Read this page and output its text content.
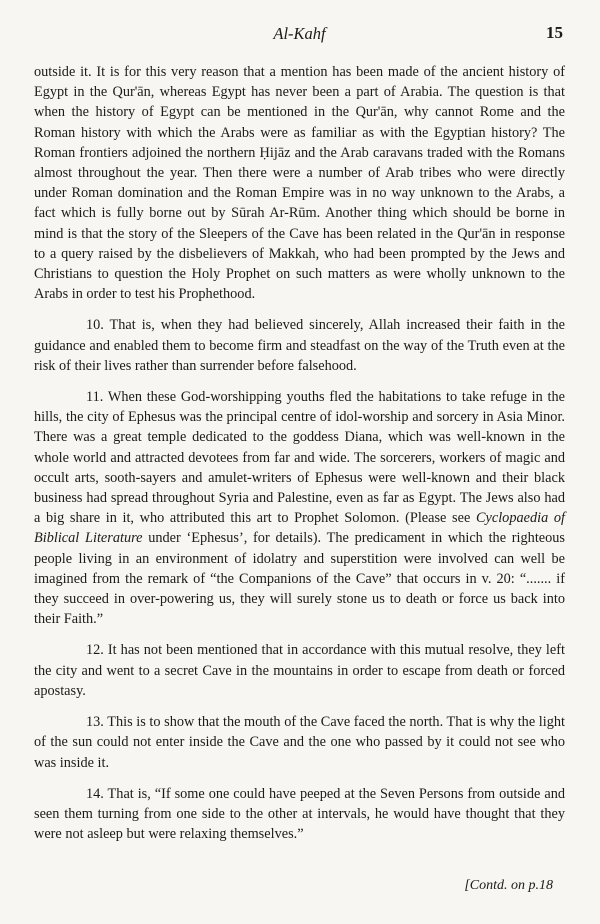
Al-Kahf	15

outside it. It is for this very reason that a mention has been made of the ancient history of Egypt in the Qur'ān, whereas Egypt has never been a part of Arabia. The question is that when the history of Egypt can be mentioned in the Qur'ān, why cannot Rome and the Roman history with which the Arabs were as familiar as with the Egyptian history? The Roman frontiers adjoined the northern Ḥijāz and the Arab caravans traded with the Romans almost throughout the year. Then there were a number of Arab tribes who were directly under Roman domination and the Roman Empire was in no way unknown to the Arabs, a fact which is fully borne out by Sūrah Ar-Rūm. Another thing which should be borne in mind is that the story of the Sleepers of the Cave has been related in the Qur'ān in response to a query raised by the disbelievers of Makkah, who had been prompted by the Jews and Christians to question the Holy Prophet on such matters as were wholly unknown to the Arabs in order to test his Prophethood.

10. That is, when they had believed sincerely, Allah increased their faith in the guidance and enabled them to become firm and steadfast on the way of the Truth even at the risk of their lives rather than surrender before falsehood.

11. When these God-worshipping youths fled the habitations to take refuge in the hills, the city of Ephesus was the principal centre of idol-worship and sorcery in Asia Minor. There was a great temple dedicated to the goddess Diana, which was well-known in the whole world and attracted devotees from far and wide. The sorcerers, workers of magic and occult arts, sooth-sayers and amulet-writers of Ephesus were well-known and their black business had spread throughout Syria and Palestine, even as far as Egypt. The Jews also had a big share in it, who attributed this art to Prophet Solomon. (Please see Cyclopaedia of Biblical Literature under ‘Ephesus’, for details). The predicament in which the righteous people living in an environment of idolatry and superstition were involved can well be imagined from the remark of “the Companions of the Cave” that occurs in v. 20: “....... if they succeed in over-powering us, they will surely stone us to death or force us back into their Faith.”

12. It has not been mentioned that in accordance with this mutual resolve, they left the city and went to a secret Cave in the mountains in order to escape from death or forced apostasy.

13. This is to show that the mouth of the Cave faced the north. That is why the light of the sun could not enter inside the Cave and the one who passed by it could not see who was inside it.

14. That is, “If some one could have peeped at the Seven Persons from outside and seen them turning from one side to the other at intervals, he would have thought that they were not asleep but were relaxing themselves.”

[Contd. on p.18
